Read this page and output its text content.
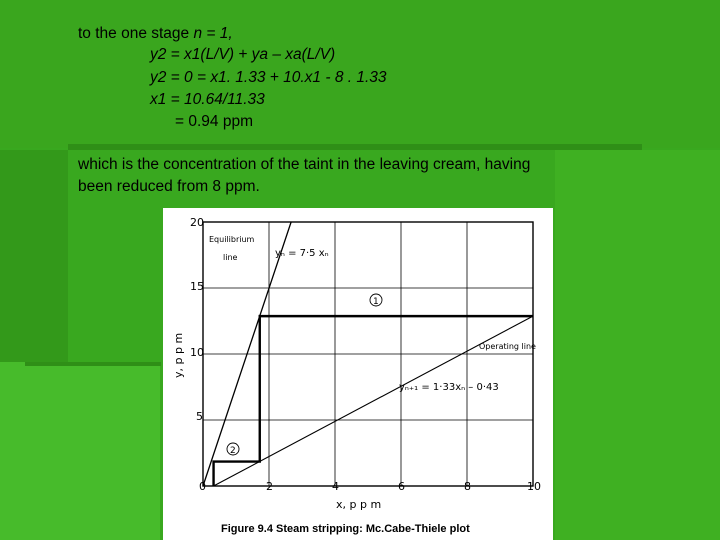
to the one stage n = 1,
y2 = x1(L/V) + ya – xa(L/V)
y2 = 0 = x1. 1.33 + 10.x1 - 8 . 1.33
x1 = 10.64/11.33
= 0.94 ppm
which is the concentration of the taint in the leaving cream, having
been reduced from 8 ppm.
20
15
10
5
0	2	4	6	8	10
x, p p m
y, p p m
Equilibrium
line	yₙ = 7·5 xₙ
1
2
Operating line
yₙ₊₁ = 1·33xₙ – 0·43
Figure 9.4 Steam stripping: Mc.Cabe-Thiele plot
